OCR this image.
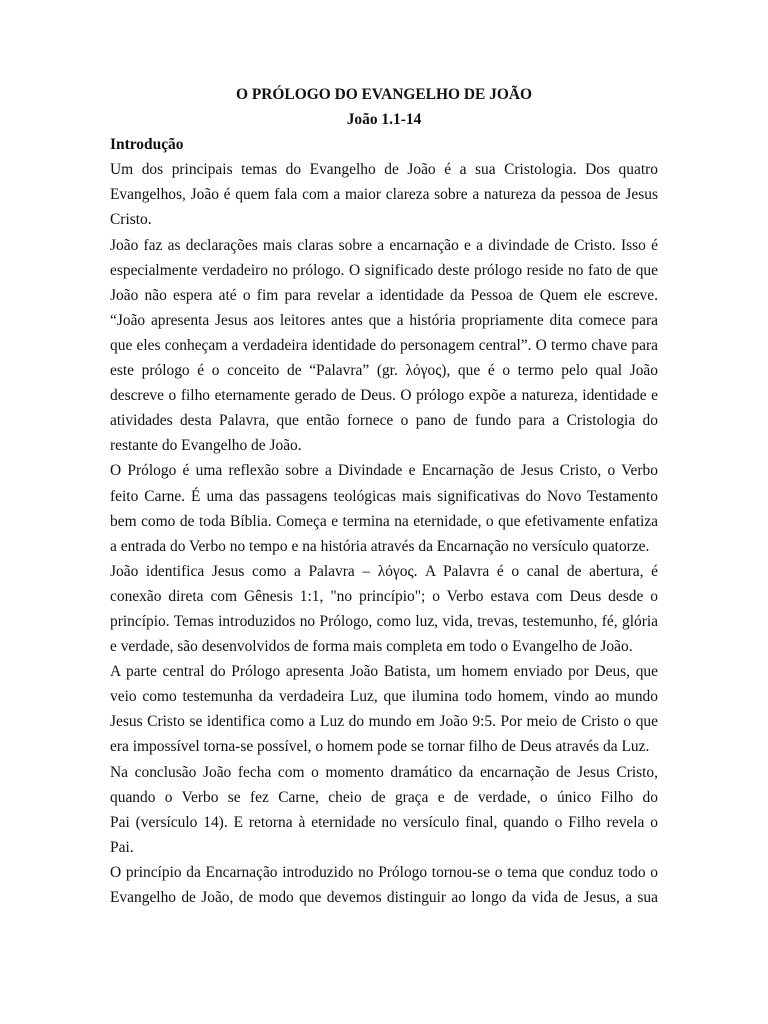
O PRÓLOGO DO EVANGELHO DE JOÃO
João 1.1-14
Introdução
Um dos principais temas do Evangelho de João é a sua Cristologia. Dos quatro
Evangelhos, João é quem fala com a maior clareza sobre a natureza da pessoa de Jesus
Cristo.
João faz as declarações mais claras sobre a encarnação e a divindade de Cristo. Isso é
especialmente verdadeiro no prólogo. O significado deste prólogo reside no fato de que
João não espera até o fim para revelar a identidade da Pessoa de Quem ele escreve.
“João apresenta Jesus aos leitores antes que a história propriamente dita comece para
que eles conheçam a verdadeira identidade do personagem central”. O termo chave para
este prólogo é o conceito de “Palavra” (gr. λόγος), que é o termo pelo qual João
descreve o filho eternamente gerado de Deus. O prólogo expõe a natureza, identidade e
atividades desta Palavra, que então fornece o pano de fundo para a Cristologia do
restante do Evangelho de João.
O Prólogo é uma reflexão sobre a Divindade e Encarnação de Jesus Cristo, o Verbo
feito Carne. É uma das passagens teológicas mais significativas do Novo Testamento
bem como de toda Bíblia. Começa e termina na eternidade, o que efetivamente enfatiza
a entrada do Verbo no tempo e na história através da Encarnação no versículo quatorze.
João identifica Jesus como a Palavra – λόγος. A Palavra é o canal de abertura, é
conexão direta com Gênesis 1:1, "no princípio"; o Verbo estava com Deus desde o
princípio. Temas introduzidos no Prólogo, como luz, vida, trevas, testemunho, fé, glória
e verdade, são desenvolvidos de forma mais completa em todo o Evangelho de João.
A parte central do Prólogo apresenta João Batista, um homem enviado por Deus, que
veio como testemunha da verdadeira Luz, que ilumina todo homem, vindo ao mundo
Jesus Cristo se identifica como a Luz do mundo em João 9:5. Por meio de Cristo o que
era impossível torna-se possível, o homem pode se tornar filho de Deus através da Luz.
Na conclusão João fecha com o momento dramático da encarnação de Jesus Cristo,
quando o Verbo se fez Carne, cheio de graça e de verdade, o único Filho do
Pai (versículo 14). E retorna à eternidade no versículo final, quando o Filho revela o
Pai.
O princípio da Encarnação introduzido no Prólogo tornou-se o tema que conduz todo o
Evangelho de João, de modo que devemos distinguir ao longo da vida de Jesus, a sua
